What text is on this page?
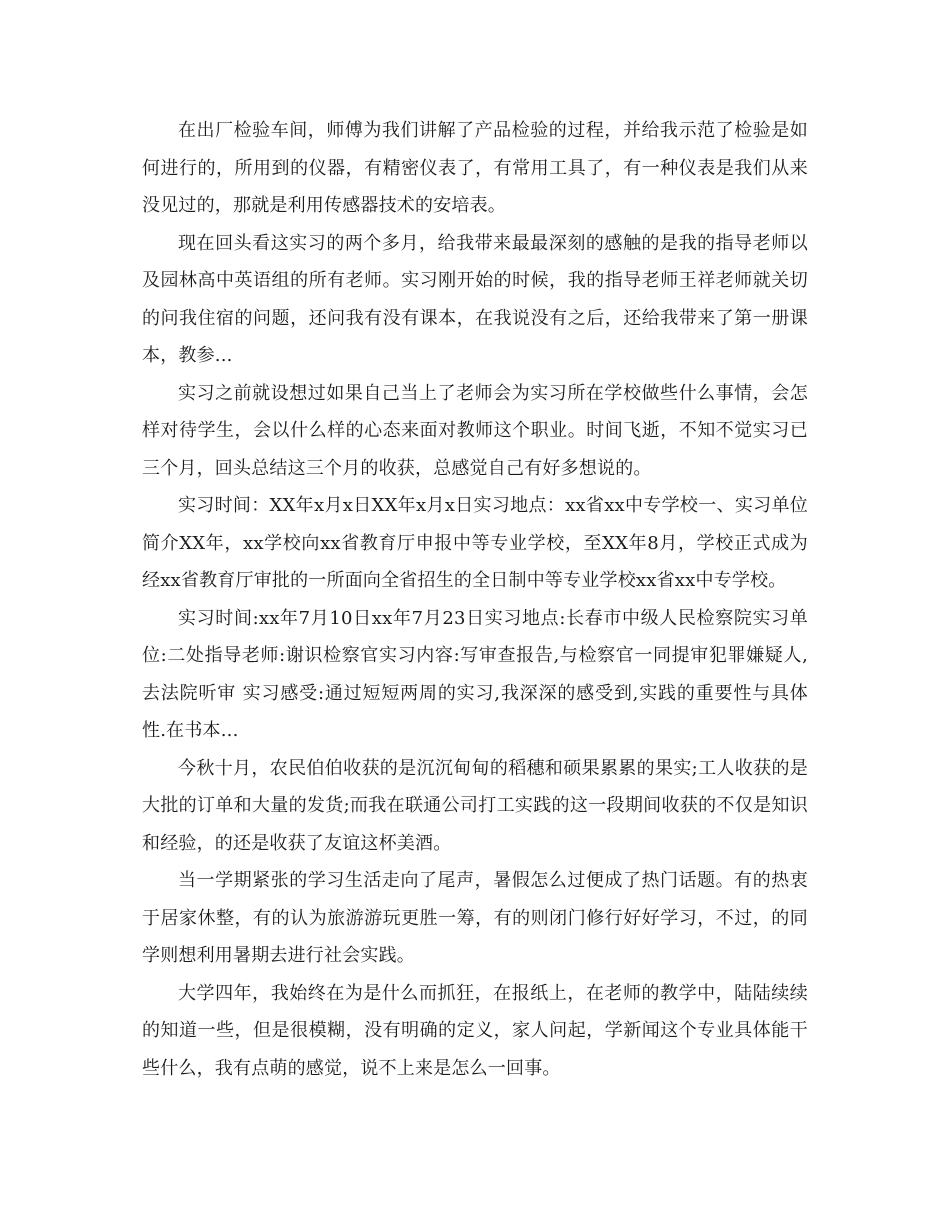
在出厂检验车间，师傅为我们讲解了产品检验的过程，并给我示范了检验是如何进行的，所用到的仪器，有精密仪表了，有常用工具了，有一种仪表是我们从来没见过的，那就是利用传感器技术的安培表。

现在回头看这实习的两个多月，给我带来最最深刻的感触的是我的指导老师以及园林高中英语组的所有老师。实习刚开始的时候，我的指导老师王祥老师就关切的问我住宿的问题，还问我有没有课本，在我说没有之后，还给我带来了第一册课本，教参...

实习之前就设想过如果自己当上了老师会为实习所在学校做些什么事情，会怎样对待学生，会以什么样的心态来面对教师这个职业。时间飞逝，不知不觉实习已三个月，回头总结这三个月的收获，总感觉自己有好多想说的。

实习时间：XX年x月x日XX年x月x日实习地点：xx省xx中专学校一、实习单位简介XX年，xx学校向xx省教育厅申报中等专业学校，至XX年8月，学校正式成为经xx省教育厅审批的一所面向全省招生的全日制中等专业学校xx省xx中专学校。

实习时间:xx年7月10日xx年7月23日实习地点:长春市中级人民检察院实习单位:二处指导老师:谢识检察官实习内容:写审查报告,与检察官一同提审犯罪嫌疑人,去法院听审 实习感受:通过短短两周的实习,我深深的感受到,实践的重要性与具体性.在书本...

今秋十月，农民伯伯收获的是沉沉甸甸的稻穗和硕果累累的果实;工人收获的是大批的订单和大量的发货;而我在联通公司打工实践的这一段期间收获的不仅是知识和经验，的还是收获了友谊这杯美酒。

当一学期紧张的学习生活走向了尾声，暑假怎么过便成了热门话题。有的热衷于居家休整，有的认为旅游游玩更胜一筹，有的则闭门修行好好学习，不过，的同学则想利用暑期去进行社会实践。

大学四年，我始终在为是什么而抓狂，在报纸上，在老师的教学中，陆陆续续的知道一些，但是很模糊，没有明确的定义，家人问起，学新闻这个专业具体能干些什么，我有点萌的感觉，说不上来是怎么一回事。
